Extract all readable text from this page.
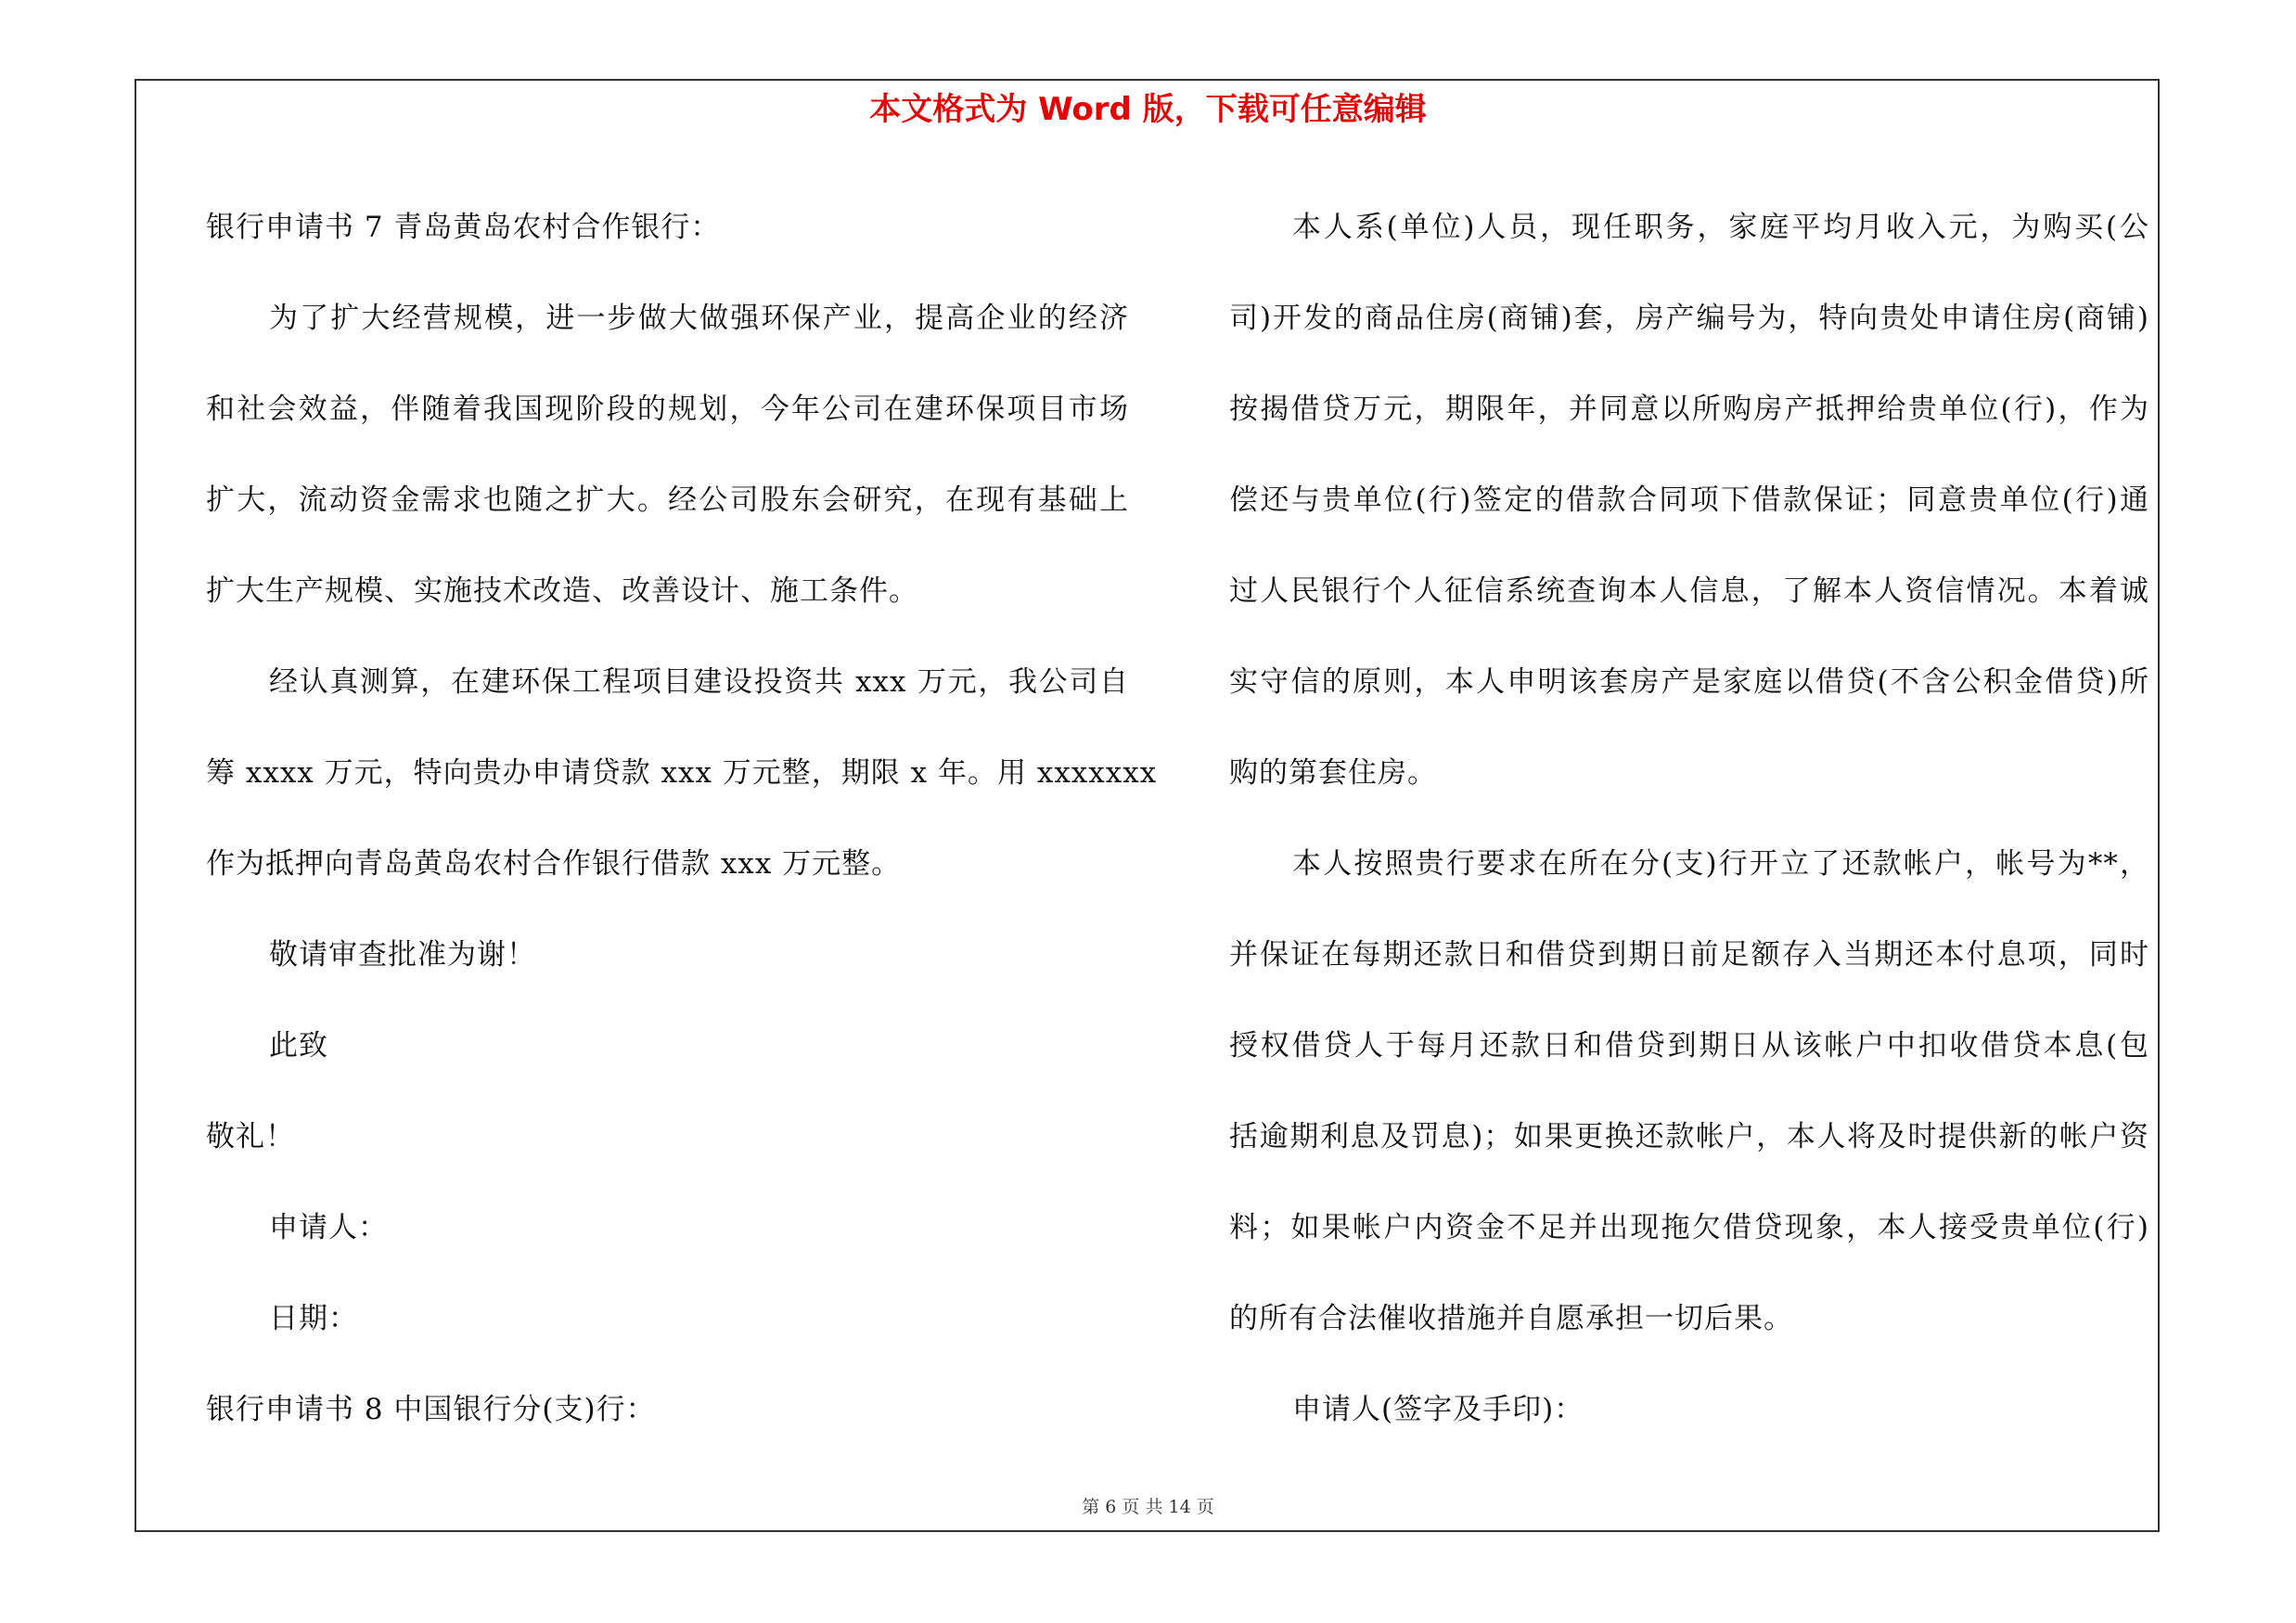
本文格式为 Word 版，下载可任意编辑
银行申请书 7 青岛黄岛农村合作银行：
为了扩大经营规模，进一步做大做强环保产业，提高企业的经济
和社会效益，伴随着我国现阶段的规划，今年公司在建环保项目市场
扩大，流动资金需求也随之扩大。经公司股东会研究，在现有基础上
扩大生产规模、实施技术改造、改善设计、施工条件。
经认真测算，在建环保工程项目建设投资共 xxx 万元，我公司自
筹 xxxx 万元，特向贵办申请贷款 xxx 万元整，期限 x 年。用 xxxxxxx
作为抵押向青岛黄岛农村合作银行借款 xxx 万元整。
敬请审查批准为谢！
此致
敬礼！
申请人：
日期：
银行申请书 8 中国银行分(支)行：
本人系(单位)人员，现任职务，家庭平均月收入元，为购买(公
司)开发的商品住房(商铺)套，房产编号为，特向贵处申请住房(商铺)
按揭借贷万元，期限年，并同意以所购房产抵押给贵单位(行)，作为
偿还与贵单位(行)签定的借款合同项下借款保证；同意贵单位(行)通
过人民银行个人征信系统查询本人信息，了解本人资信情况。本着诚
实守信的原则，本人申明该套房产是家庭以借贷(不含公积金借贷)所
购的第套住房。
本人按照贵行要求在所在分(支)行开立了还款帐户，帐号为**，
并保证在每期还款日和借贷到期日前足额存入当期还本付息项，同时
授权借贷人于每月还款日和借贷到期日从该帐户中扣收借贷本息(包
括逾期利息及罚息)；如果更换还款帐户，本人将及时提供新的帐户资
料；如果帐户内资金不足并出现拖欠借贷现象，本人接受贵单位(行)
的所有合法催收措施并自愿承担一切后果。
申请人(签字及手印)：
第 6 页 共 14 页
